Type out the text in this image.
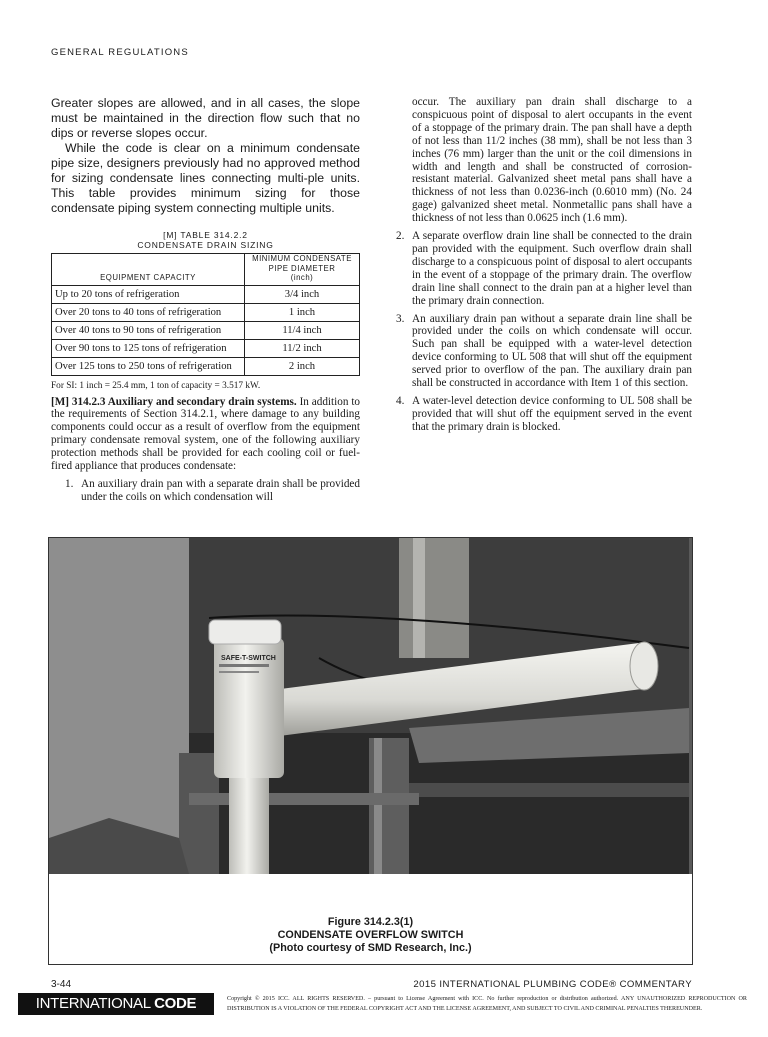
GENERAL REGULATIONS

Greater slopes are allowed, and in all cases, the slope must be maintained in the direction flow such that no dips or reverse slopes occur.

While the code is clear on a minimum condensate pipe size, designers previously had no approved method for sizing condensate lines connecting multi-ple units. This table provides minimum sizing for those condensate piping system connecting multiple units.

[M] TABLE 314.2.2
CONDENSATE DRAIN SIZING
EQUIPMENT CAPACITY	MINIMUM CONDENSATE
PIPE DIAMETER
(inch)

Up to 20 tons of refrigeration	3/4 inch
Over 20 tons to 40 tons of refrigeration	1 inch
Over 40 tons to 90 tons of refrigeration	11/4 inch
Over 90 tons to 125 tons of refrigeration	11/2 inch
Over 125 tons to 250 tons of refrigeration	2 inch
For SI: 1 inch = 25.4 mm, 1 ton of capacity = 3.517 kW.

[M] 314.2.3 Auxiliary and secondary drain systems. In addition to the requirements of Section 314.2.1, where damage to any building components could occur as a result of overflow from the equipment primary condensate removal system, one of the following auxiliary protection methods shall be provided for each cooling coil or fuel-fired appliance that produces condensate:

1. An auxiliary drain pan with a separate drain shall be provided under the coils on which condensation will

occur. The auxiliary pan drain shall discharge to a conspicuous point of disposal to alert occupants in the event of a stoppage of the primary drain. The pan shall have a depth of not less than 11/2 inches (38 mm), shall be not less than 3 inches (76 mm) larger than the unit or the coil dimensions in width and length and shall be constructed of corrosion-resistant material. Galvanized sheet metal pans shall have a thickness of not less than 0.0236-inch (0.6010 mm) (No. 24 gage) galvanized sheet metal. Nonmetallic pans shall have a thickness of not less than 0.0625 inch (1.6 mm).

2. A separate overflow drain line shall be connected to the drain pan provided with the equipment. Such overflow drain shall discharge to a conspicuous point of disposal to alert occupants in the event of a stoppage of the primary drain. The overflow drain line shall connect to the drain pan at a higher level than the primary drain connection.
3. An auxiliary drain pan without a separate drain line shall be provided under the coils on which condensate will occur. Such pan shall be equipped with a water-level detection device conforming to UL 508 that will shut off the equipment served prior to overflow of the pan. The auxiliary drain pan shall be constructed in accordance with Item 1 of this section.
4. A water-level detection device conforming to UL 508 shall be provided that will shut off the equipment served in the event that the primary drain is blocked.
SAFE-T-SWITCH
Figure 314.2.3(1)
CONDENSATE OVERFLOW SWITCH
(Photo courtesy of SMD Research, Inc.)
3-44	2015 INTERNATIONAL PLUMBING CODE® COMMENTARY
INTERNATIONAL CODE COUNCIL®
Copyright © 2015 ICC. ALL RIGHTS RESERVED. – pursuant to License Agreement with ICC. No further reproduction or distribution authorized. ANY UNAUTHORIZED REPRODUCTION OR DISTRIBUTION IS A VIOLATION OF THE FEDERAL COPYRIGHT ACT AND THE LICENSE AGREEMENT, AND SUBJECT TO CIVIL AND CRIMINAL PENALTIES THEREUNDER.
